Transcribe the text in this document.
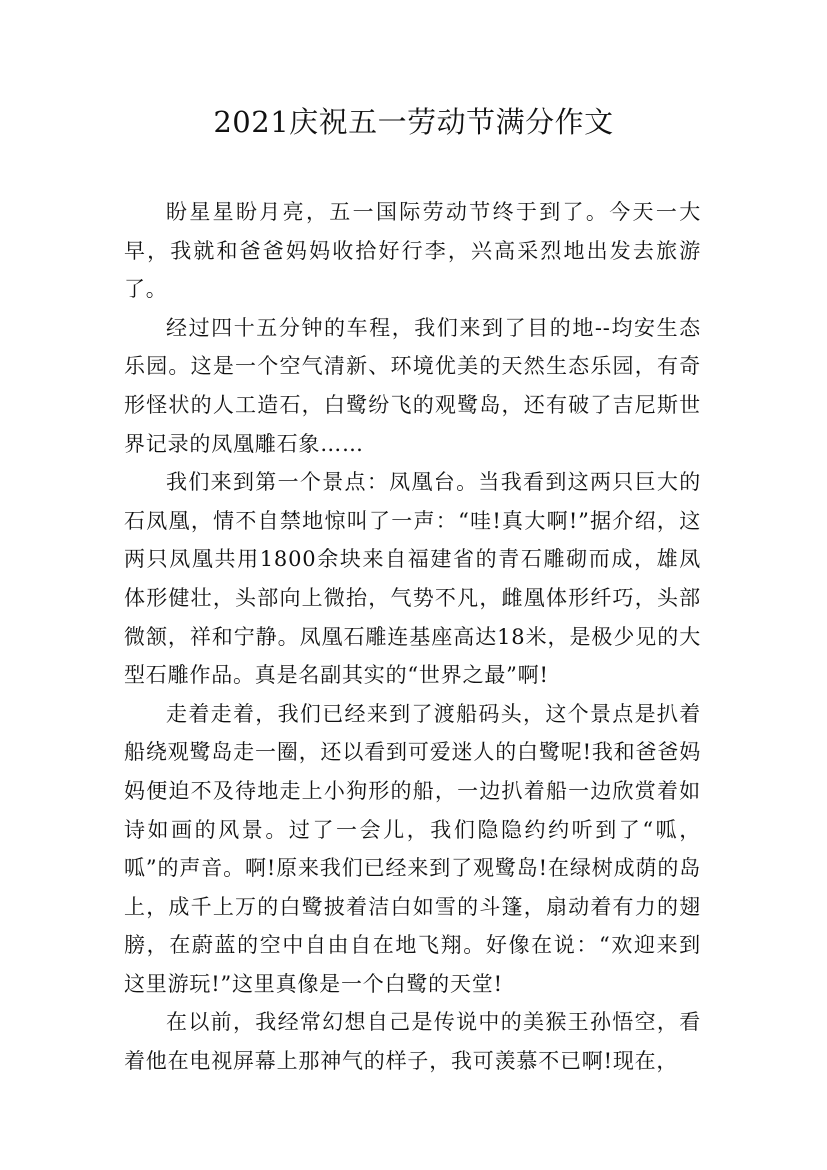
2021庆祝五一劳动节满分作文

盼星星盼月亮，五一国际劳动节终于到了。今天一大早，我就和爸爸妈妈收拾好行李，兴高采烈地出发去旅游了。

经过四十五分钟的车程，我们来到了目的地--均安生态乐园。这是一个空气清新、环境优美的天然生态乐园，有奇形怪状的人工造石，白鹭纷飞的观鹭岛，还有破了吉尼斯世界记录的凤凰雕石象……

我们来到第一个景点：凤凰台。当我看到这两只巨大的石凤凰，情不自禁地惊叫了一声：“哇!真大啊!”据介绍，这两只凤凰共用1800余块来自福建省的青石雕砌而成，雄凤体形健壮，头部向上微抬，气势不凡，雌凰体形纤巧，头部微颔，祥和宁静。凤凰石雕连基座高达18米，是极少见的大型石雕作品。真是名副其实的“世界之最”啊!

走着走着，我们已经来到了渡船码头，这个景点是扒着船绕观鹭岛走一圈，还以看到可爱迷人的白鹭呢!我和爸爸妈妈便迫不及待地走上小狗形的船，一边扒着船一边欣赏着如诗如画的风景。过了一会儿，我们隐隐约约听到了“呱，呱”的声音。啊!原来我们已经来到了观鹭岛!在绿树成荫的岛上，成千上万的白鹭披着洁白如雪的斗篷，扇动着有力的翅膀，在蔚蓝的空中自由自在地飞翔。好像在说：“欢迎来到这里游玩!”这里真像是一个白鹭的天堂!

在以前，我经常幻想自己是传说中的美猴王孙悟空，看着他在电视屏幕上那神气的样子，我可羡慕不已啊!现在，
